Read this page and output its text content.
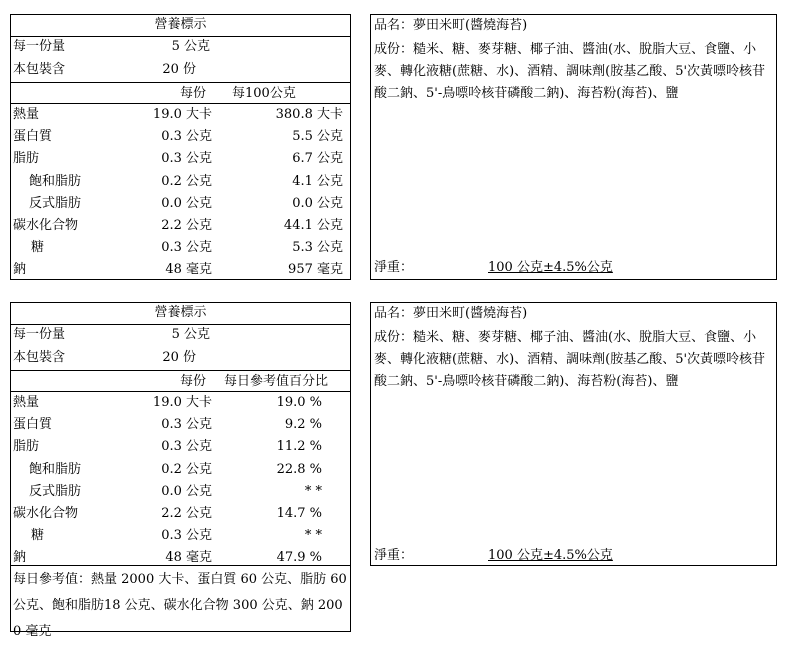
營養標示
每一份量	5 公克
本包裝含	20 份
每份 每100公克
熱量	19.0 大卡	380.8 大卡
蛋白質	0.3 公克	5.5 公克
脂肪	0.3 公克	6.7 公克
飽和脂肪	0.2 公克	4.1 公克
反式脂肪	0.0 公克	0.0 公克
碳水化合物	2.2 公克	44.1 公克
糖	0.3 公克	5.3 公克
鈉	48 毫克	957 毫克
品名：夢田米町(醬燒海苔)
成份：糙米、糖、麥芽糖、椰子油、醬油(水、脫脂大豆、食鹽、小麥、轉化液糖(蔗糖、水)、酒精、調味劑(胺基乙酸、5'次黃嘌呤核苷酸二鈉、5'-鳥嘌呤核苷磷酸二鈉)、海苔粉(海苔)、鹽
淨重：	100 公克±4.5%公克
營養標示
每一份量	5 公克
本包裝含	20 份
每份 每日參考值百分比
熱量	19.0 大卡	19.0 %
蛋白質	0.3 公克	9.2 %
脂肪	0.3 公克	11.2 %
飽和脂肪	0.2 公克	22.8 %
反式脂肪	0.0 公克	* *
碳水化合物	2.2 公克	14.7 %
糖	0.3 公克	* *
鈉	48 毫克	47.9 %
每日參考值：熱量 2000 大卡、蛋白質 60 公克、脂肪 60 公克、飽和脂肪18 公克、碳水化合物 300 公克、鈉 2000 毫克
品名：夢田米町(醬燒海苔)
成份：糙米、糖、麥芽糖、椰子油、醬油(水、脫脂大豆、食鹽、小麥、轉化液糖(蔗糖、水)、酒精、調味劑(胺基乙酸、5'次黃嘌呤核苷酸二鈉、5'-鳥嘌呤核苷磷酸二鈉)、海苔粉(海苔)、鹽
淨重：	100 公克±4.5%公克
